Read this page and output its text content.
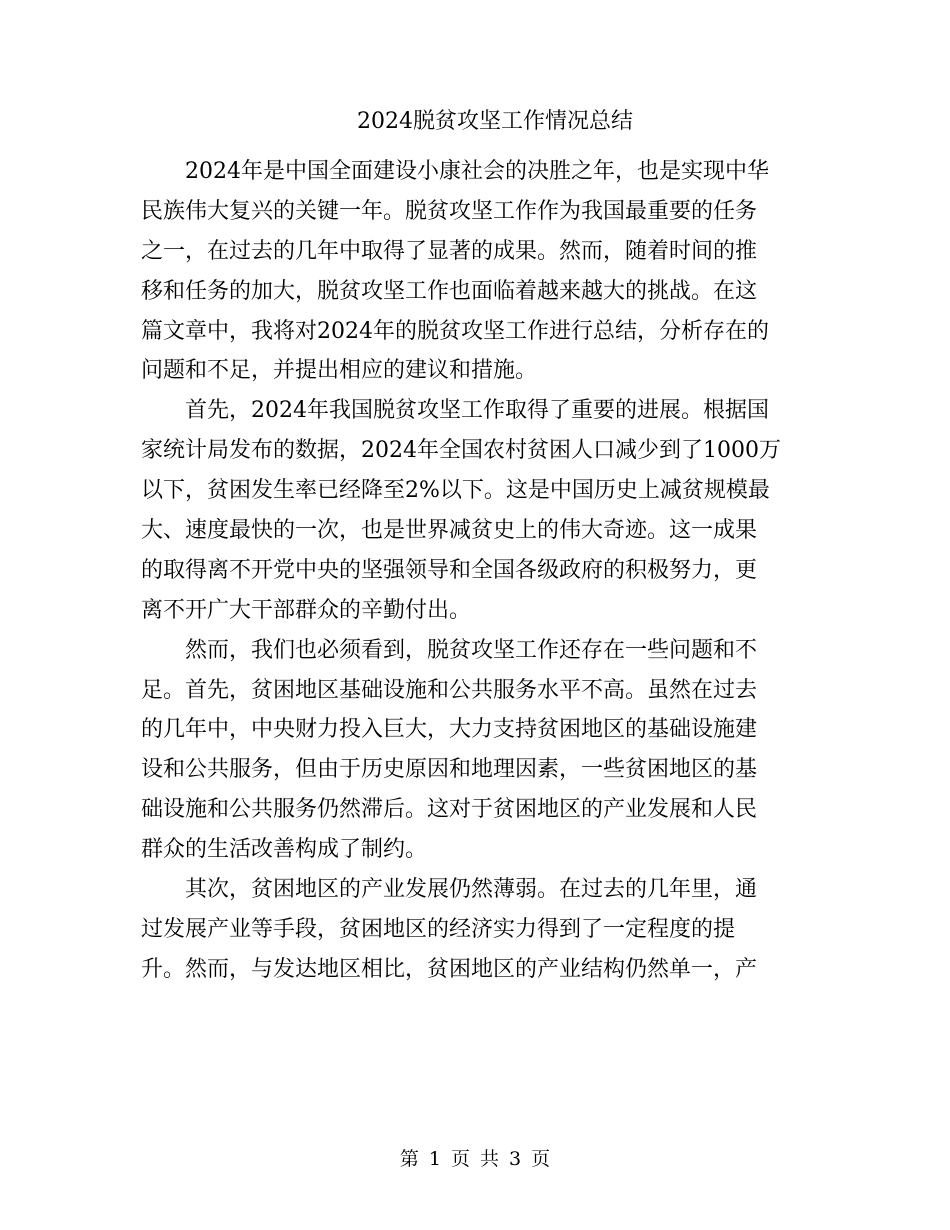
2024脱贫攻坚工作情况总结
2024年是中国全面建设小康社会的决胜之年，也是实现中华
民族伟大复兴的关键一年。脱贫攻坚工作作为我国最重要的任务
之一，在过去的几年中取得了显著的成果。然而，随着时间的推
移和任务的加大，脱贫攻坚工作也面临着越来越大的挑战。在这
篇文章中，我将对2024年的脱贫攻坚工作进行总结，分析存在的
问题和不足，并提出相应的建议和措施。
首先，2024年我国脱贫攻坚工作取得了重要的进展。根据国
家统计局发布的数据，2024年全国农村贫困人口减少到了1000万
以下，贫困发生率已经降至2%以下。这是中国历史上减贫规模最
大、速度最快的一次，也是世界减贫史上的伟大奇迹。这一成果
的取得离不开党中央的坚强领导和全国各级政府的积极努力，更
离不开广大干部群众的辛勤付出。
然而，我们也必须看到，脱贫攻坚工作还存在一些问题和不
足。首先，贫困地区基础设施和公共服务水平不高。虽然在过去
的几年中，中央财力投入巨大，大力支持贫困地区的基础设施建
设和公共服务，但由于历史原因和地理因素，一些贫困地区的基
础设施和公共服务仍然滞后。这对于贫困地区的产业发展和人民
群众的生活改善构成了制约。
其次，贫困地区的产业发展仍然薄弱。在过去的几年里，通
过发展产业等手段，贫困地区的经济实力得到了一定程度的提
升。然而，与发达地区相比，贫困地区的产业结构仍然单一，产
第 1 页 共 3 页
